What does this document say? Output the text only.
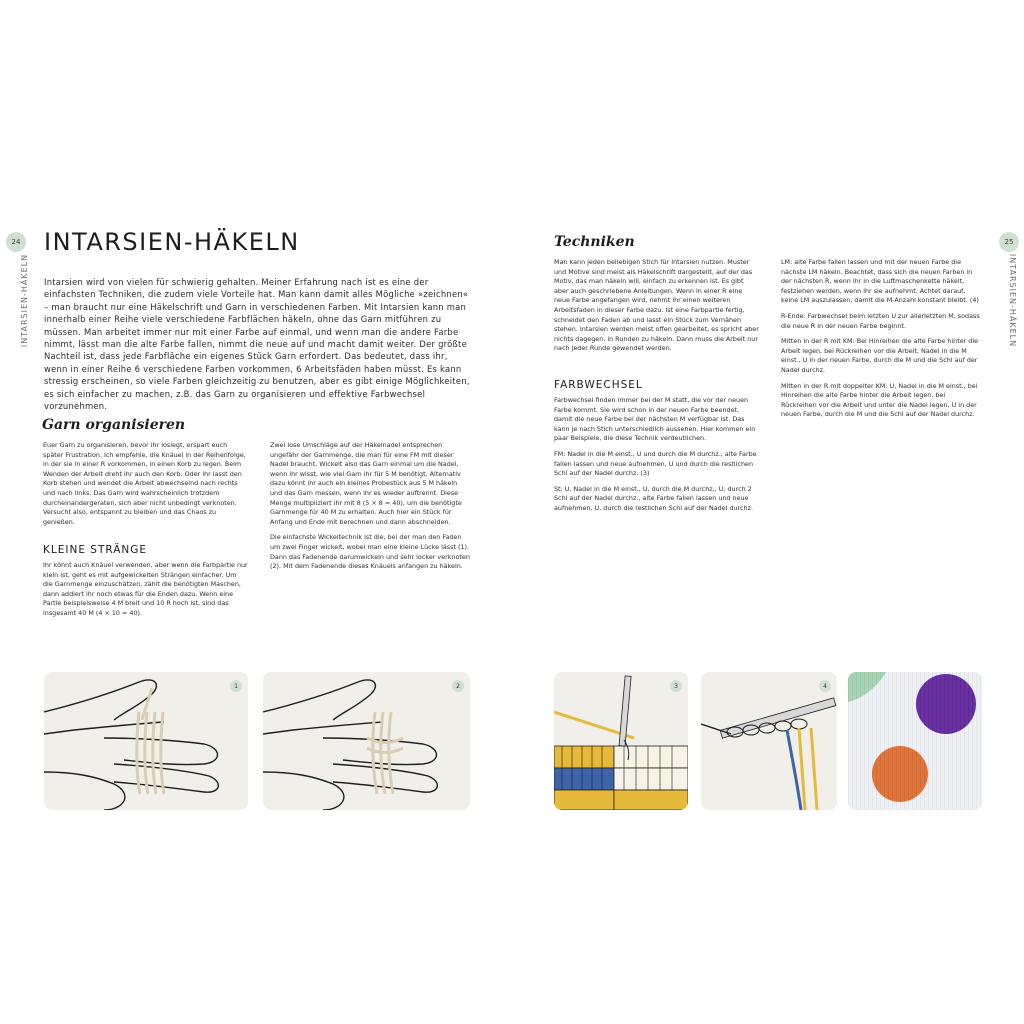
24
INTARSIEN-HÄKELN
INTARSIEN-HÄKELN

Intarsien wird von vielen für schwierig gehalten. Meiner Erfahrung nach ist es eine der einfachsten Techniken, die zudem viele Vorteile hat. Man kann damit alles Mögliche »zeichnen« – man braucht nur eine Häkelschrift und Garn in verschiedenen Farben. Mit Intarsien kann man innerhalb einer Reihe viele verschiedene Farbflächen häkeln, ohne das Garn mitführen zu müssen. Man arbeitet immer nur mit einer Farbe auf einmal, und wenn man die andere Farbe nimmt, lässt man die alte Farbe fallen, nimmt die neue auf und macht damit weiter. Der größte Nachteil ist, dass jede Farbfläche ein eigenes Stück Garn erfordert. Das bedeutet, dass ihr, wenn in einer Reihe 6 verschiedene Farben vorkommen, 6 Arbeitsfäden haben müsst. Es kann stressig erscheinen, so viele Farben gleichzeitig zu benutzen, aber es gibt einige Möglichkeiten, es sich einfacher zu machen, z.B. das Garn zu organisieren und effektive Farbwechsel vorzunehmen.

Garn organisieren

Euer Garn zu organisieren, bevor ihr loslegt, erspart euch später Frustration. Ich empfehle, die Knäuel in der Reihenfolge, in der sie in einer R vorkommen, in einen Korb zu legen. Beim Wenden der Arbeit dreht ihr auch den Korb. Oder ihr lasst den Korb stehen und wendet die Arbeit abwechselnd nach rechts und nach links. Das Garn wird wahrscheinlich trotzdem durcheinandergeraten, sich aber nicht unbedingt verknoten. Versucht also, entspannt zu bleiben und das Chaos zu genießen.

KLEINE STRÄNGE

Ihr könnt auch Knäuel verwenden, aber wenn die Farbpartie nur klein ist, geht es mit aufgewickelten Strängen einfacher. Um die Garnmenge einzuschätzen, zählt die benötigten Maschen, dann addiert ihr noch etwas für die Enden dazu. Wenn eine Partie beispielsweise 4 M breit und 10 R hoch ist, sind das insgesamt 40 M (4 × 10 = 40).

Zwei lose Umschläge auf der Häkelnadel entsprechen ungefähr der Garnmenge, die man für eine FM mit dieser Nadel braucht. Wickelt also das Garn einmal um die Nadel, wenn ihr wisst, wie viel Garn ihr für 5 M benötigt. Alternativ dazu könnt ihr auch ein kleines Probestück aus 5 M häkeln und das Garn messen, wenn ihr es wieder auftrennt. Diese Menge multipliziert ihr mit 8 (5 × 8 = 40), um die benötigte Garnmenge für 40 M zu erhalten. Auch hier ein Stück für Anfang und Ende mit berechnen und dann abschneiden.

Die einfachste Wickeltechnik ist die, bei der man den Faden um zwei Finger wickelt, wobei man eine kleine Lücke lässt (1). Dann das Fadenende darumwickeln und sehr locker verknoten (2). Mit dem Fadenende dieses Knäuels anfangen zu häkeln.

25
INTARSIEN-HÄKELN
Techniken

Man kann jeden beliebigen Stich für Intarsien nutzen. Muster und Motive sind meist als Häkelschrift dargestellt, auf der das Motiv, das man häkeln will, einfach zu erkennen ist. Es gibt aber auch geschriebene Anleitungen. Wenn in einer R eine neue Farbe angefangen wird, nehmt ihr einen weiteren Arbeitsfaden in dieser Farbe dazu. Ist eine Farbpartie fertig, schneidet den Faden ab und lasst ein Stück zum Vernähen stehen. Intarsien werden meist offen gearbeitet, es spricht aber nichts dagegen, in Runden zu häkeln. Dann muss die Arbeit nur nach jeder Runde gewendet werden.

FARBWECHSEL

Farbwechsel finden immer bei der M statt, die vor der neuen Farbe kommt. Sie wird schon in der neuen Farbe beendet, damit die neue Farbe bei der nächsten M verfügbar ist. Das kann je nach Stich unterschiedlich aussehen. Hier kommen ein paar Beispiele, die diese Technik verdeutlichen.

FM: Nadel in die M einst., U und durch die M durchz., alte Farbe fallen lassen und neue aufnehmen, U und durch die restlichen Schl auf der Nadel durchz. (3)

St: U, Nadel in die M einst., U, durch die M durchz., U, durch 2 Schl auf der Nadel durchz., alte Farbe fallen lassen und neue aufnehmen, U, durch die restlichen Schl auf der Nadel durchz.

LM: alte Farbe fallen lassen und mit der neuen Farbe die nächste LM häkeln. Beachtet, dass sich die neuen Farben in der nächsten R, wenn ihr in die Luftmaschenkette häkelt, festziehen werden, wenn ihr sie aufnehmt. Achtet darauf, keine LM auszulassen, damit die M-Anzahl konstant bleibt. (4)

R-Ende: Farbwechsel beim letzten U zur allerletzten M, sodass die neue R in der neuen Farbe beginnt.

Mitten in der R mit KM: Bei Hinreihen die alte Farbe hinter die Arbeit legen, bei Rückreihen vor die Arbeit, Nadel in die M einst., U in der neuen Farbe, durch die M und die Schl auf der Nadel durchz.

Mitten in der R mit doppelter KM: U, Nadel in die M einst., bei Hinreihen die alte Farbe hinter die Arbeit legen, bei Rückreihen vor die Arbeit und unter die Nadel legen, U in der neuen Farbe, durch die M und die Schl auf der Nadel durchz.

1	2	3	4
